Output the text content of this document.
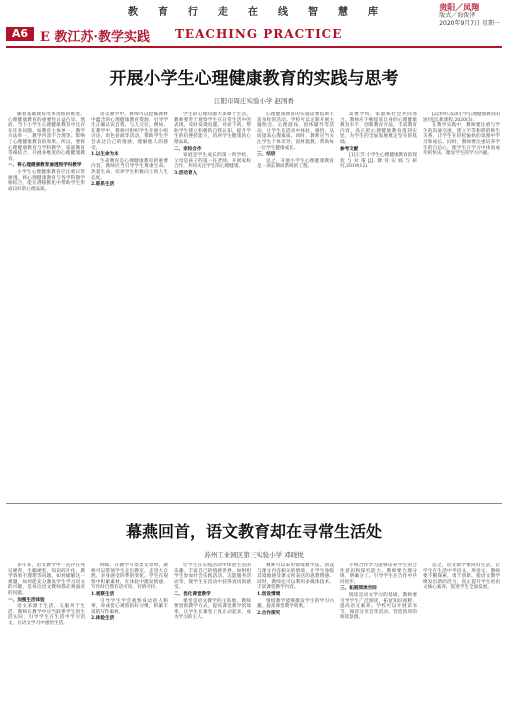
教	育	行	走	在	线	智	慧	库	贵阳／凤翔
版式／海泼泽
2020年9月7日 星期一
A6 E 教江苏·教学实践 TEACHING PRACTICE
开展小学生心理健康教育的实践与思考
江阳市周庄实验小学 赵国香

随着基础教育改革进程的推进，心理健康教育的重要性日益凸显。然而，当下小学生心理健康教育中还存在许多问题。如教育主体单一，教学方法单一，教学内容不合理等。影响了心理健康教育的效果。所以，要将心理健康教育与学科教学、家庭教育等相结合，开展多维度的心理健康教育。

一、将心理健康教育渗透到学科教学

小学生心理健康教育应注重日常渗透。将心理健康教育与各学科教学相结合，能在潜移默化中帮助学生形成良好的心理品质。

语文教学中，教师可以挖掘教材中蕴含的心理健康教育资源，引导学生正确认识自我、与人交往。例如，在教学中，教师可组织学生开展小组讨论、角色扮演等活动，帮助学生学会表达自己的情感，理解他人的感受。

1.以生命为本

生命教育是心理健康教育的重要内容。教师应当引导学生尊重生命、热爱生命，培养学生积极向上的人生态度。

2.联系生活

学生的心理问题大多源于生活。教师要善于观察学生在日常生活中的表现，及时发现问题，对症下药。帮助学生建立积极的自我认知，提升学生的抗挫折能力，培养学生健康的心理品质。

二、家校合作

家庭是学生成长的第一所学校，父母是孩子的第一任老师。开展家校合作，共同关注学生的心理健康。

3.活动育人

心理健康教育的实施需要借助丰富多样的活动。学校可以定期开展主题班会、心理游戏、团体辅导等活动，让学生在活动中体验、感悟，从而提高心理素质。同时，教师应当关注学生个体差异，因材施教，帮助每一位学生健康成长。

三、结语

总之，开展小学生心理健康教育是一项长期而系统的工程。

需要学校、家庭和社会共同努力。教师应不断提高自身的心理健康教育水平，创新教育方法，丰富教育内容，真正把心理健康教育落到实处，为学生的全面发展奠定坚实的基础。

参考文献

[1]王芳.小学生心理健康教育的现状与对策[J].教育实践与研究,2019(12).

[2]李明.浅谈小学心理健康教育的途径[J].新课程,2020(3).

在教学实践中，教师要注重与学生的沟通交流，建立平等和谐的师生关系，让学生在轻松愉快的氛围中学习和成长。同时，教师要注重培养学生的自信心，使学生在学习中体验成功的快乐，激发学生的学习兴趣。

幕燕回首，语文教育却在寻常生活处
苏州工业园区第三实验小学 邓晓悦

多年来，语文教学中一直存在死记硬背、生搬硬套、知识碎片化、教学效果不理想等问题。如何破解这一难题，如何能充分激发学生学习语文的兴趣，是每位语文教师都必须面对的问题。

一、加强生活体验

语文来源于生活，又服务于生活。教师在教学中应当联系学生的生活实际，引导学生在生活中学习语文，在语文学习中感悟生活。

例如，在教学写景类文章时，教师可以带领学生走出教室，走进大自然，亲身感受四季的变化。学生在观察中积累素材，在体验中激发情感，写作时自然有话可说、有情可抒。

1.观察生活

引导学生学会观察身边的人和事，养成留心观察的好习惯，积累丰富的写作素材。

2.体验生活

让学生在实践活动中体验生活的乐趣，丰富自己的情感世界。如组织学生参加社会实践活动、志愿服务活动等，使学生在活动中获得真切的感受。

二、优化课堂教学

课堂是语文教学的主阵地。教师要创新教学方式，提高课堂教学的效率，让学生在课堂上真正动起来，成为学习的主人。

教师可以采用情境教学法，创设与课文内容相关的情境，让学生身临其境地感受课文所表达的思想情感。同时，教师还可以利用多媒体技术，丰富课堂教学内容。

1.创设情境

情境教学能够激发学生的学习兴趣，提高课堂教学效果。

2.合作探究

小组合作学习能够培养学生的合作意识和探究能力。教师要合理分组，明确分工，引导学生在合作中共同进步。

三、拓展阅读空间

阅读是语文学习的基础。教师要引导学生广泛阅读，拓宽知识视野，提高语文素养。学校可以开展读书节、阅读分享会等活动，营造浓厚的阅读氛围。

总之，语文教学要回归生活，让学生在生活中学语文、用语文。教师要不断探索，勇于创新，使语文教学焕发出新的活力，真正提升学生的语文核心素养，促进学生全面发展。
